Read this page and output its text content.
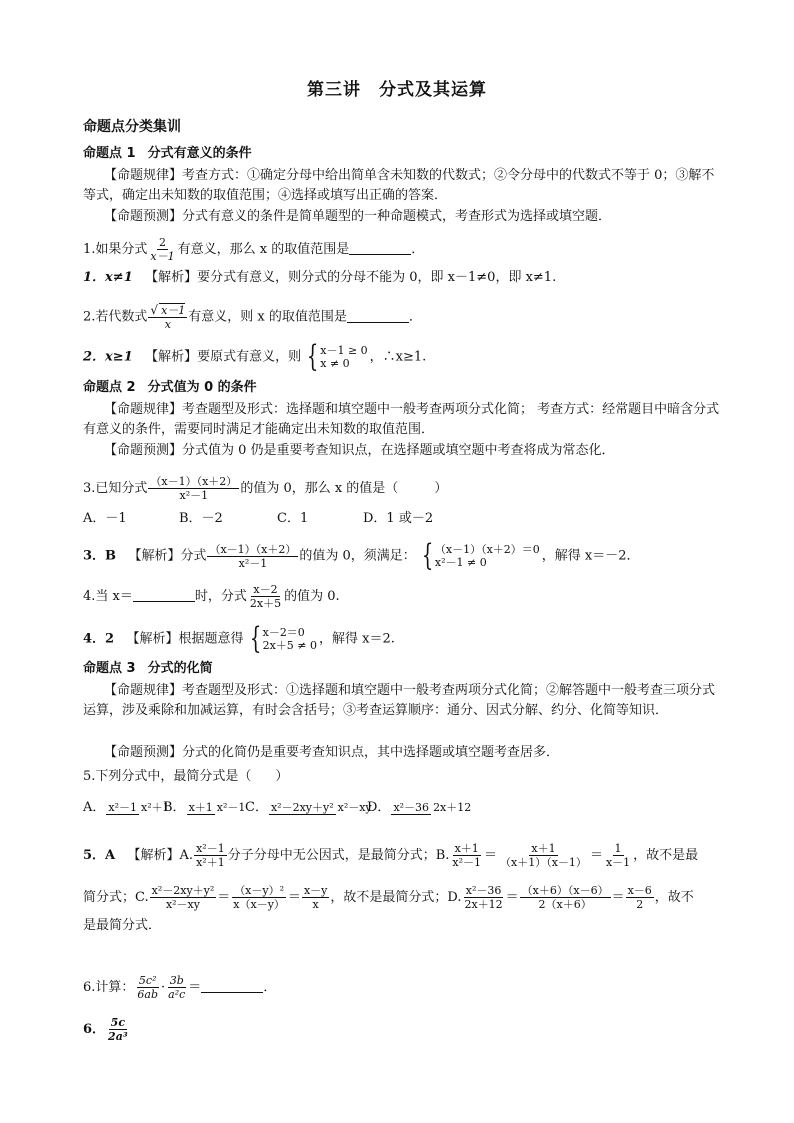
第三讲 分式及其运算
命题点分类集训
命题点 1 分式有意义的条件
【命题规律】考查方式：①确定分母中给出简单含未知数的代数式；②令分母中的代数式不等于 0；③解不等式，确定出未知数的取值范围；④选择或填写出正确的答案．
【命题预测】分式有意义的条件是简单题型的一种命题模式，考查形式为选择或填空题．
1.如果分式 $\frac{2}{x-1}$ 有意义，那么 x 的取值范围是	．
1．x≠1 【解析】要分式有意义，则分式的分母不能为 0，即 x－1≠0，即 x≠1.
2.若代数式 $\frac{√ x-1}{x}$ 有意义，则 x 的取值范围是	．
2．x≥1 【解析】要原式有意义，则 { x－1 ≥ 0
x ≠ 0	，∴x≥1.
命题点 2 分式值为 0 的条件
【命题规律】考查题型及形式：选择题和填空题中一般考查两项分式化简； 考查方式：经常题目中暗含分式有意义的条件，需要同时满足才能确定出未知数的取值范围．
【命题预测】分式值为 0 仍是重要考查知识点，在选择题或填空题中考查将成为常态化．
3.已知分式 $\frac{(x-1)(x+2)}{\text{x²－1}}$ 的值为 0，那么 x 的值是（	）
A．－1	B．－2	C．1	D．1 或－2
3．B 【解析】分式 $\frac{(x-1)(x+2)}{\text{x²－1}}$ 的值为 0，须满足： { （x－1）（x＋2）＝0
x²－1 ≠ 0	，解得 x＝－2．
4.当 x＝	时，分式 $\frac{x-2}{2x+5}$ 的值为 0.
4．2 【解析】根据题意得 { x－2＝0
2x＋5 ≠ 0 ，解得 x＝2.
命题点 3 分式的化简
【命题规律】考查题型及形式：①选择题和填空题中一般考查两项分式化简；②解答题中一般考查三项分式运算，涉及乘除和加减运算，有时会含括号；③考查运算顺序：通分、因式分解、约分、化简等知识．
【命题预测】分式的化简仍是重要考查知识点，其中选择题或填空题考查居多．
5.下列分式中，最简分式是（ ）
A． x²－1 x²＋1B． x＋1 x²－1C． x²－2xy＋y² x²－xyD． x²－36 2x＋12
5．A 【解析】A. $\frac{\text{x²－1}}{\text{x²＋1}}$ 分子分母中无公因式，是最简分式；B. $\frac{x+1}{\text{x²－1}} = \frac{x+1}{(x+1)(x-1)} = \frac{1}{x-1}$ ，故不是最
简分式；C. $\frac{\text{x²－2xy＋y²}}{\text{x²－xy}} = \frac{\text{（x－y）²}}{x(x-y)} = \frac{x-y}{x}$ ，故不是最简分式；D. $\frac{\text{x²－36}}{2x+12} = \frac{(x+6)(x-6)}{2(x+6)} = \frac{x-6}{2}$ ，故不
是最简分式．
6.计算： $\frac{\text{5c²}}{6ab} \cdot \frac{3b}{\text{a²c}}$ ＝	．
6． $\frac{5c}{\text{2a³}}$
